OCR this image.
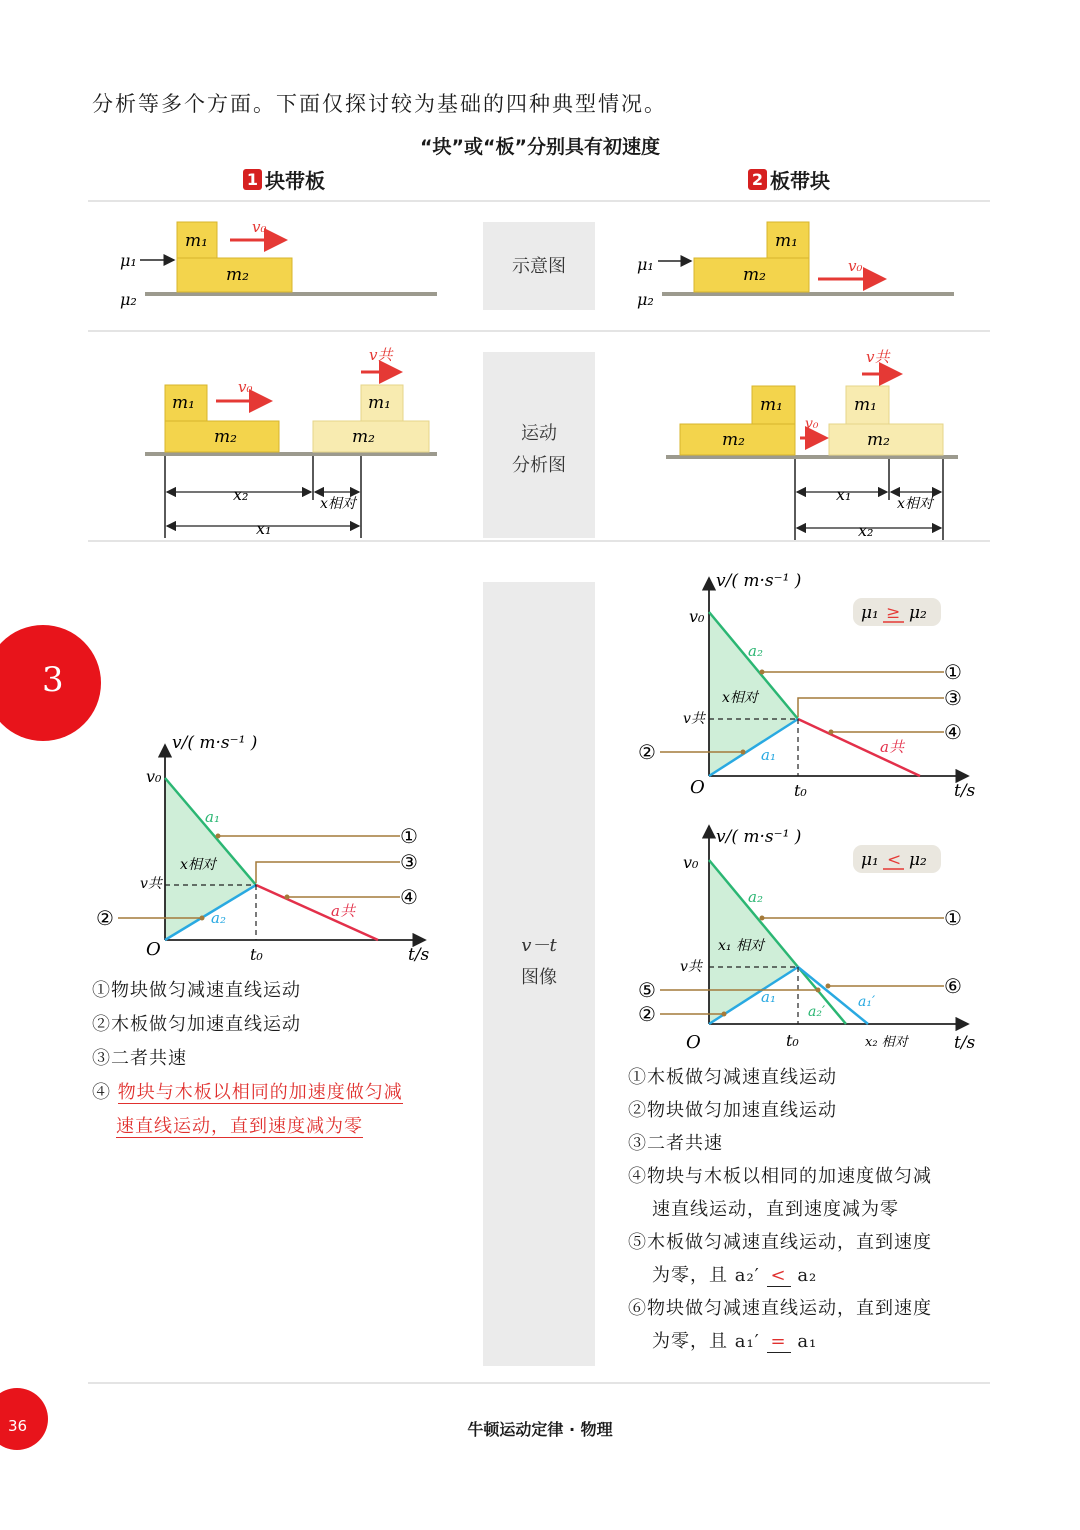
分析等多个方面。下面仅探讨较为基础的四种典型情况。
“块”或“板”分别具有初速度
1 块带板	2 板带块
示意图
运动
分析图
v－t
图像
m₁
m₂
v₀
μ₁
μ₂
m₁
m₂	v₀
μ₁
μ₂
m₁
m₂
v₀
m₁
m₂
v共
x₂	x相对
x₁
m₁
m₂
v₀
m₁
m₂
v共
x₁	x相对
x₂
v/( m·s⁻¹ )
t/s
O
v₀
v共
t₀
a₁
a₂	a共
x相对
①
③
④
②
v/( m·s⁻¹ )
t/s
O
v₀
v共
t₀
a₂
a₁	a共
x相对
μ₁ ≥ μ₂
①
③
④
②
v/( m·s⁻¹ )
t/s
O
v₀
v共
t₀
a₂
a₁
a₂′
a₁′
x₁ 相对
x₂ 相对
μ₁ < μ₂
①
⑥
⑤
②
①物块做匀减速直线运动
②木板做匀加速直线运动
③二者共速
④ 物块与木板以相同的加速度做匀减
速直线运动，直到速度减为零
①木板做匀减速直线运动
②物块做匀加速直线运动
③二者共速
④物块与木板以相同的加速度做匀减
速直线运动，直到速度减为零
⑤木板做匀减速直线运动，直到速度
为零，且 a₂′ < a₂
⑥物块做匀减速直线运动，直到速度
为零，且 a₁′ = a₁
3
36	牛顿运动定律 · 物理
